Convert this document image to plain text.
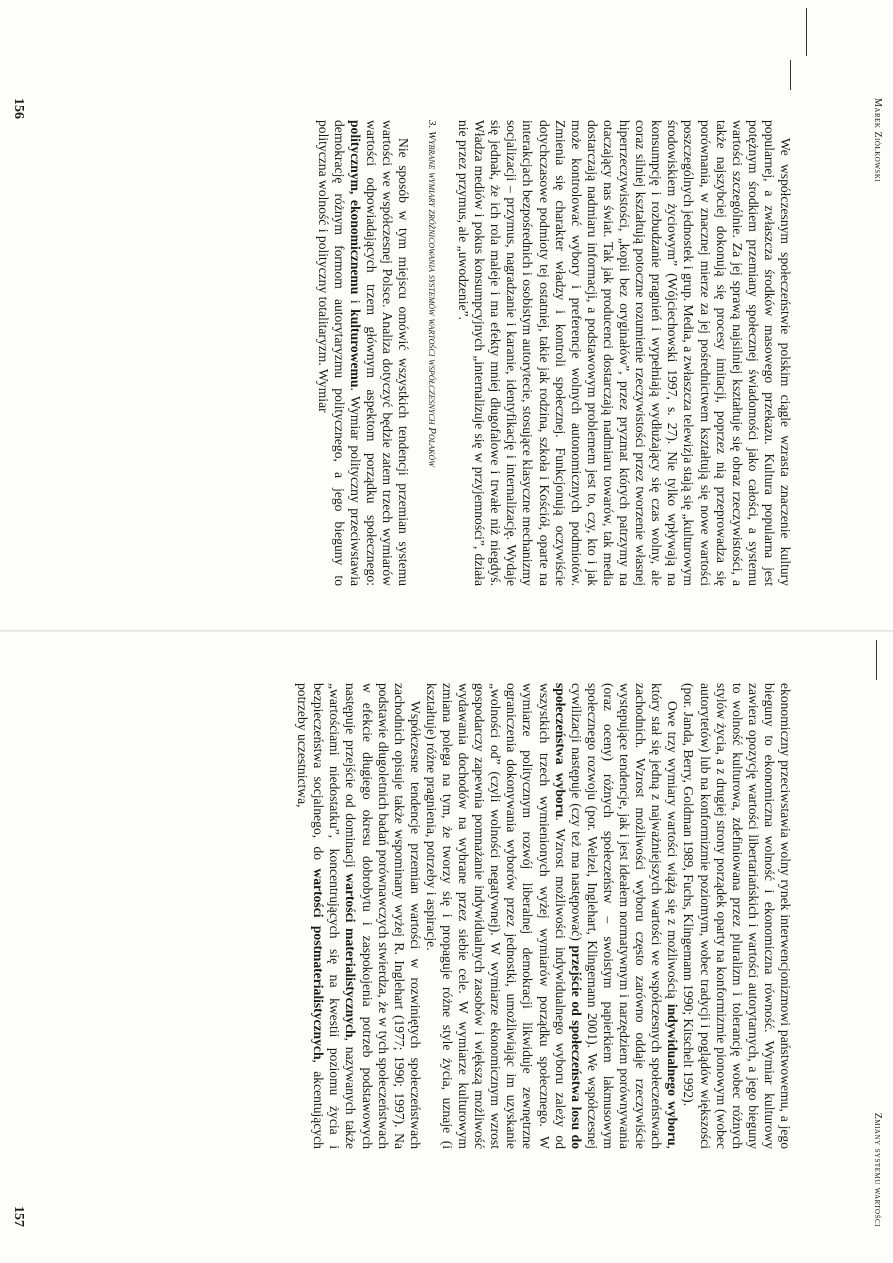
Marek Ziółkowski

We współczesnym społeczeństwie polskim ciągle wzrasta znaczenie kultury popularnej, a zwłaszcza środków masowego przekazu. Kultura popularna jest potężnym środkiem przemiany społecznej świadomości jako całości, a systemu wartości szczególnie. Za jej sprawą najsilniej kształtuje się obraz rzeczywistości, a także najszybciej dokonują się procesy imitacji, poprzez nią przeprowadza się porównania, w znacznej mierze za jej pośrednictwem kształtują się nowe wartości poszczególnych jednostek i grup. Media, a zwłaszcza telewizja stają się „kulturowym środowiskiem życiowym” (Wójciechowski 1997, s. 27). Nie tylko wpływają na konsumpcję i rozbudzanie pragnień i wypełniają wydłużający się czas wolny, ale coraz silniej kształtują potoczne rozumienie rzeczywistości przez tworzenie własnej hiperrzeczywistości, „kopii bez oryginałów”, przez pryzmat których patrzymy na otaczający nas świat. Tak jak producenci dostarczają nadmiaru towarów, tak media dostarczają nadmiaru informacji, a podstawowym problemem jest to, czy, kto i jak może kontrolować wybory i preferencje wolnych autonomicznych podmiotów. Zmienia się charakter władzy i kontroli społecznej. Funkcjonują oczywiście dotychczasowe podmioty tej ostatniej, takie jak rodzina, szkoła i Kościół, oparte na interakcjach bezpośrednich i osobistym autorytecie, stosujące klasyczne mechanizmy socjalizacji – przymus, nagradzanie i karanie, identyfikację i internalizację. Wydaje się jednak, że ich rola maleje i ma efekty mniej długofalowe i trwałe niż niegdyś. Władza mediów i pokus konsumpcyjnych „internalizuje się w przyjemności”, działa nie przez przymus, ale „uwodzenie”.

3. Wybrane wymiary zróżnicowania systemów wartości współczesnych Polaków

Nie sposób w tym miejscu omówić wszystkich tendencji przemian systemu wartości we współczesnej Polsce. Analiza dotyczyć będzie zatem trzech wymiarów wartości odpowiadających trzem głównym aspektom porządku społecznego: politycznym, ekonomicznemu i kulturowemu. Wymiar polityczny przeciwstawia demokrację różnym formom autorytaryzmu politycznego, a jego bieguny to polityczna wolność i polityczny totalitaryzm. Wymiar

156
Zmiany systemu wartości

ekonomiczny przeciwstawia wolny rynek interwencjonizmowi państwowemu, a jego bieguny to ekonomiczna wolność i ekonomiczna równość. Wymiar kulturowy zawiera opozycję wartości libertariańskich i wartości autorytarnych, a jego bieguny to wolność kulturowa, zdefiniowana przez pluralizm i tolerancję wobec różnych stylów życia, a z drugiej strony porządek oparty na konformizmie pionowym (wobec autorytetów) lub na konformizmie poziomym, wobec tradycji i poglądów większości (por. Janda, Berry, Goldman 1989, Fuchs, Klingemann 1990; Kitschelt 1992).

Owe trzy wymiary wartości wiążą się z możliwością indywidualnego wyboru, który stał się jedną z najważniejszych wartości we współczesnych społeczeństwach zachodnich. Wzrost możliwości wyboru często zarówno oddaje rzeczywiście występujące tendencje, jak i jest ideałem normatywnym i narzędziem porównywania (oraz oceny) różnych społeczeństw – swoistym papierkiem lakmusowym społecznego rozwoju (por. Welzel, Inglehart, Klingemann 2001). We współczesnej cywilizacji następuje (czy też ma następować) przejście od społeczeństwa losu do społeczeństwa wyboru. Wzrost możliwości indywidualnego wyboru zależy od wszystkich trzech wymienionych wyżej wymiarów porządku społecznego. W wymiarze politycznym rozwój liberalnej demokracji likwiduje zewnętrzne ograniczenia dokonywania wyborów przez jednostki, umożliwiając im uzyskanie „wolności od” (czyli wolności negatywnej). W wymiarze ekonomicznym wzrost gospodarczy zapewnia pomnażanie indywidualnych zasobów i większą możliwość wydawania dochodów na wybrane przez siebie cele. W wymiarze kulturowym zmiana polega na tym, że tworzy się i propaguje różne style życia, uznaje (i kształtuje) różne pragnienia, potrzeby i aspiracje.

Współczesne tendencje przemian wartości w rozwiniętych społeczeństwach zachodnich opisuje także wspominany wyżej R. Inglehart (1977; 1990; 1997). Na podstawie długoletnich badań porównawczych stwierdza, że w tych społeczeństwach w efekcie długiego okresu dobrobytu i zaspokojenia potrzeb podstawowych następuje przejście od dominacji wartości materialistycznych, nazywanych także „wartościami niedostatku”, koncentrujących się na kwestii poziomu życia i bezpieczeństwa socjalnego, do wartości postmaterialistycznych, akcentujących potrzeby uczestnictwa,

157
